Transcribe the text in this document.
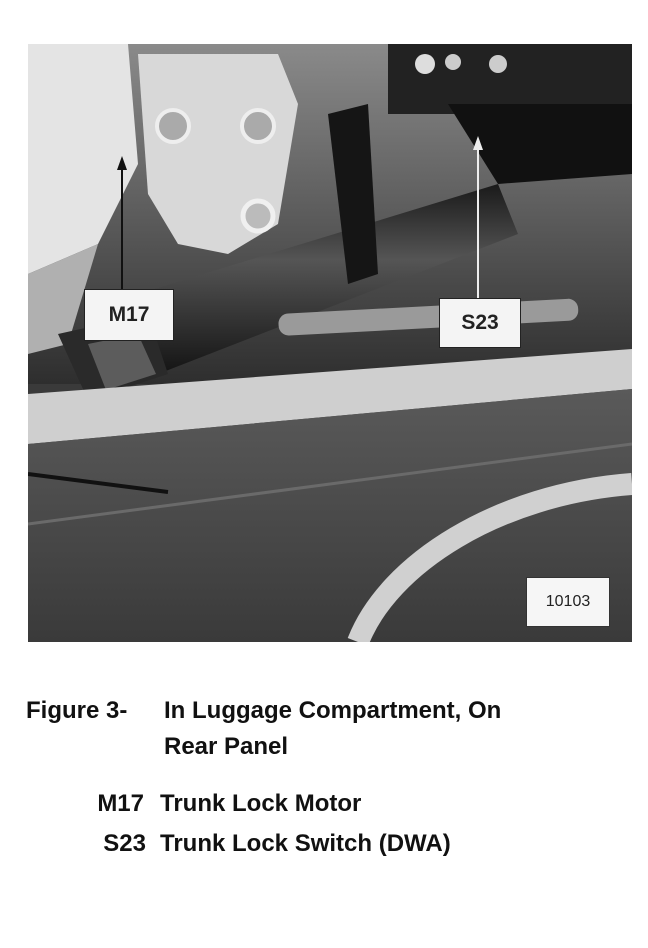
M17	S23
10103
Figure 3- In Luggage Compartment, On
Rear Panel
M17 Trunk Lock Motor
S23 Trunk Lock Switch (DWA)
